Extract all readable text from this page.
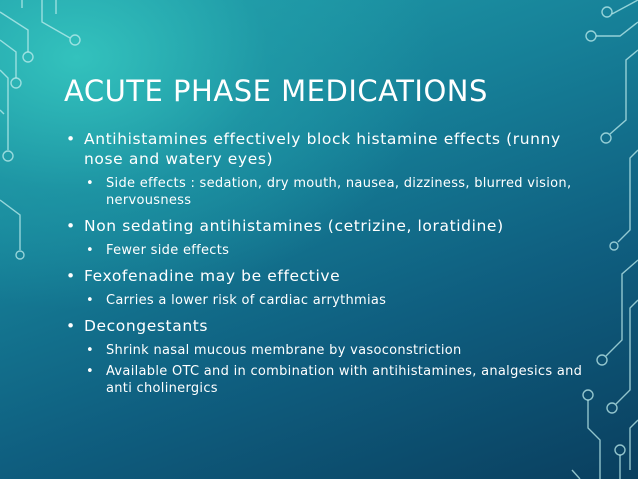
ACUTE PHASE MEDICATIONS
• Antihistamines effectively block histamine effects (runny nose and watery eyes)
• Side effects : sedation, dry mouth, nausea, dizziness, blurred vision, nervousness
• Non sedating antihistamines (cetrizine, loratidine)
• Fewer side effects
• Fexofenadine may be effective
• Carries a lower risk of cardiac arrythmias
• Decongestants
• Shrink nasal mucous membrane by vasoconstriction
• Available OTC and in combination with antihistamines, analgesics and anti cholinergics
